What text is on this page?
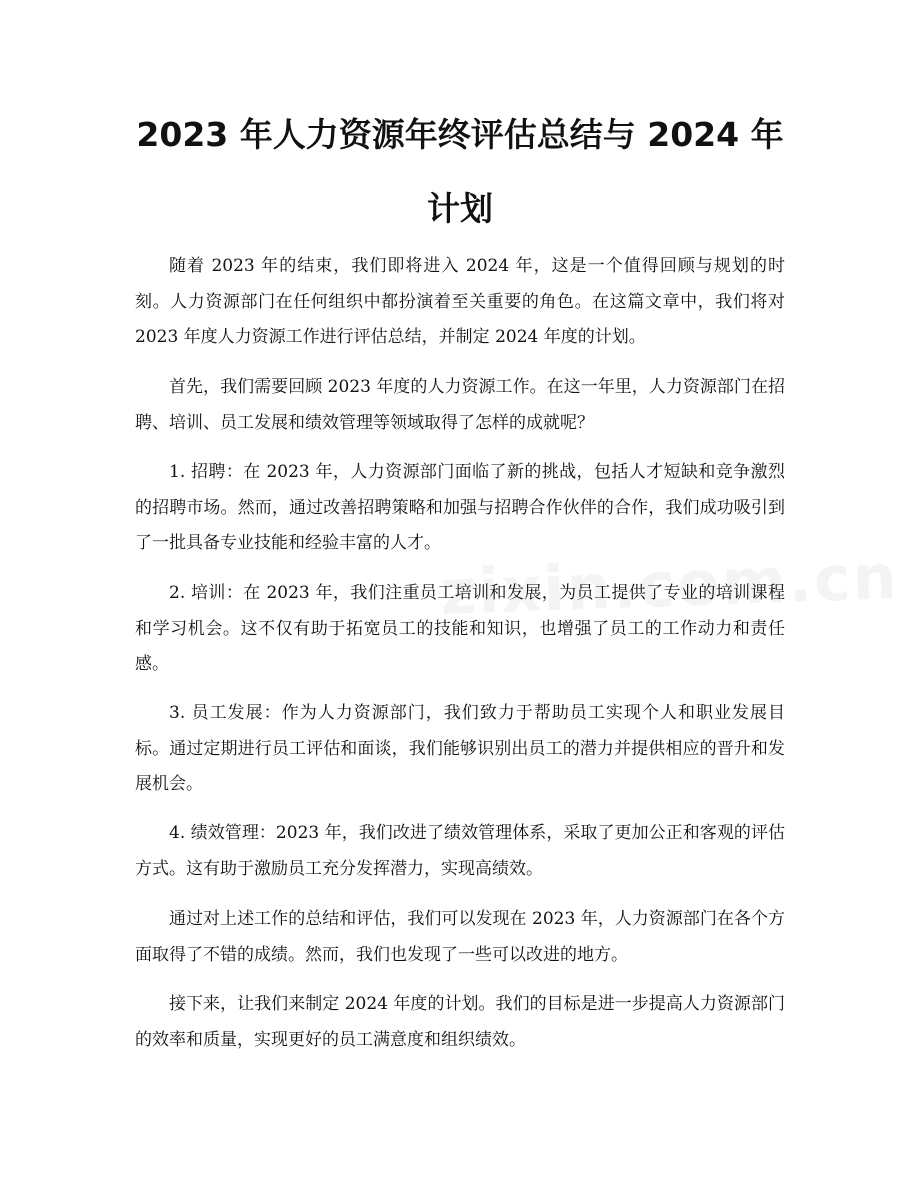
2023 年人力资源年终评估总结与 2024 年计划

随着 2023 年的结束，我们即将进入 2024 年，这是一个值得回顾与规划的时刻。人力资源部门在任何组织中都扮演着至关重要的角色。在这篇文章中，我们将对 2023 年度人力资源工作进行评估总结，并制定 2024 年度的计划。

首先，我们需要回顾 2023 年度的人力资源工作。在这一年里，人力资源部门在招聘、培训、员工发展和绩效管理等领域取得了怎样的成就呢？

1. 招聘：在 2023 年，人力资源部门面临了新的挑战，包括人才短缺和竞争激烈的招聘市场。然而，通过改善招聘策略和加强与招聘合作伙伴的合作，我们成功吸引到了一批具备专业技能和经验丰富的人才。

2. 培训：在 2023 年，我们注重员工培训和发展，为员工提供了专业的培训课程和学习机会。这不仅有助于拓宽员工的技能和知识，也增强了员工的工作动力和责任感。

3. 员工发展：作为人力资源部门，我们致力于帮助员工实现个人和职业发展目标。通过定期进行员工评估和面谈，我们能够识别出员工的潜力并提供相应的晋升和发展机会。

4. 绩效管理：2023 年，我们改进了绩效管理体系，采取了更加公正和客观的评估方式。这有助于激励员工充分发挥潜力，实现高绩效。

通过对上述工作的总结和评估，我们可以发现在 2023 年，人力资源部门在各个方面取得了不错的成绩。然而，我们也发现了一些可以改进的地方。

接下来，让我们来制定 2024 年度的计划。我们的目标是进一步提高人力资源部门的效率和质量，实现更好的员工满意度和组织绩效。
